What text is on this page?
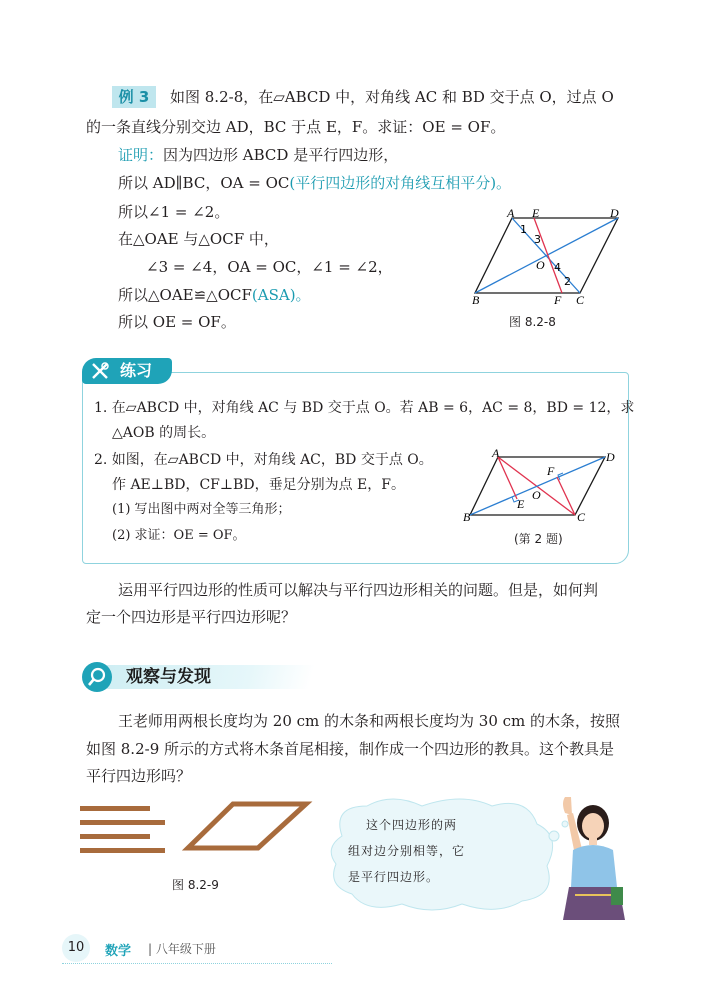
例 3	如图 8.2-8，在▱ABCD 中，对角线 AC 和 BD 交于点 O，过点 O
的一条直线分别交边 AD，BC 于点 E，F。求证：OE = OF。
证明：因为四边形 ABCD 是平行四边形，
所以 AD∥BC，OA = OC(平行四边形的对角线互相平分)。
所以∠1 = ∠2。
在△OAE 与△OCF 中，
∠3 = ∠4，OA = OC，∠1 = ∠2，
所以△OAE≌△OCF(ASA)。
所以 OE = OF。
A E	D
B	F C
O
1
2
3
4
图 8.2-8
练习
1. 在▱ABCD 中，对角线 AC 与 BD 交于点 O。若 AB = 6，AC = 8，BD = 12，求
△AOB 的周长。
2. 如图，在▱ABCD 中，对角线 AC，BD 交于点 O。
作 AE⊥BD，CF⊥BD，垂足分别为点 E，F。
(1) 写出图中两对全等三角形；
(2) 求证：OE = OF。
A	D
B	C
E
F
O
(第 2 题)
运用平行四边形的性质可以解决与平行四边形相关的问题。但是，如何判
定一个四边形是平行四边形呢？
观察与发现
王老师用两根长度均为 20 cm 的木条和两根长度均为 30 cm 的木条，按照
如图 8.2-9 所示的方式将木条首尾相接，制作成一个四边形的教具。这个教具是
平行四边形吗？
图 8.2-9
这个四边形的两
组对边分别相等，它
是平行四边形。
10	数学 | 八年级下册
